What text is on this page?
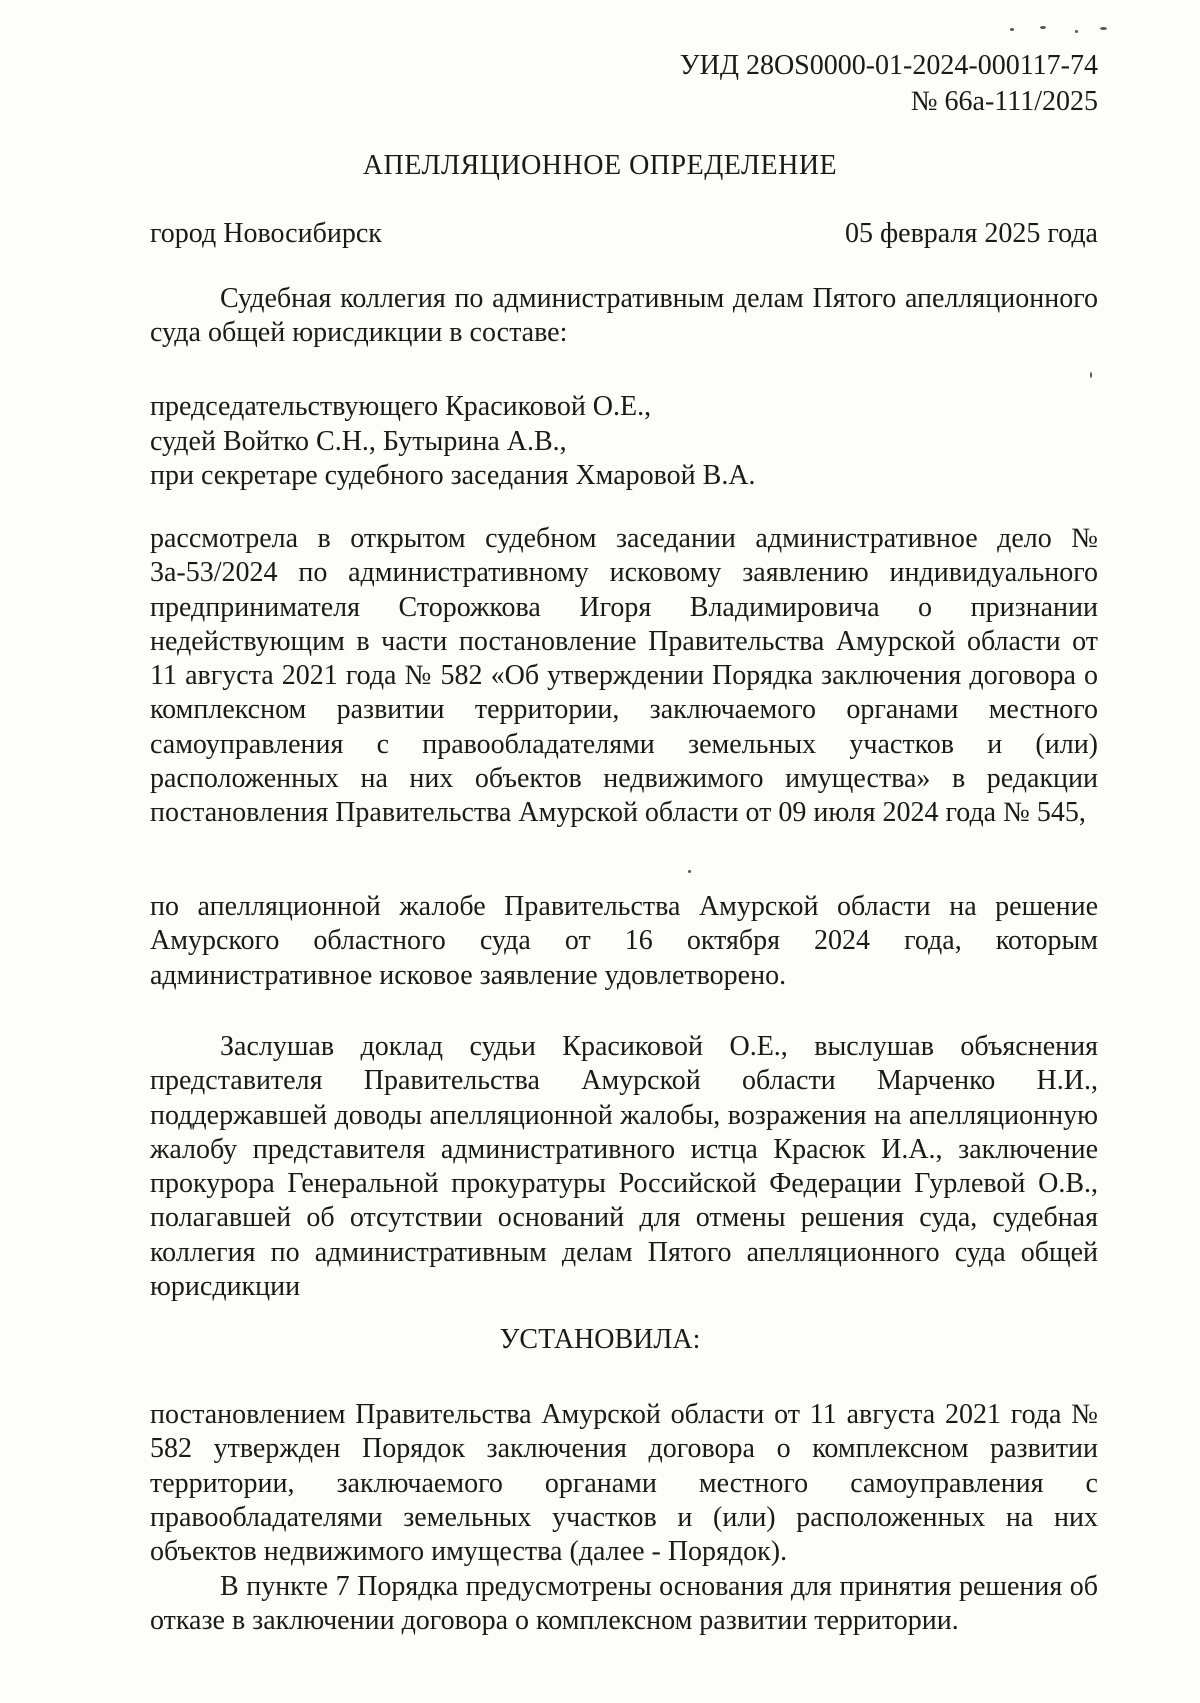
УИД 28OS0000-01-2024-000117-74
№ 66а-111/2025
АПЕЛЛЯЦИОННОЕ ОПРЕДЕЛЕНИЕ
город Новосибирск	05 февраля 2025 года

Судебная коллегия по административным делам Пятого апелляционного суда общей юрисдикции в составе:

председательствующего Красиковой О.Е.,
судей Войтко С.Н., Бутырина А.В.,
при секретаре судебного заседания Хмаровой В.А.

рассмотрела в открытом судебном заседании административное дело № 3а-53/2024 по административному исковому заявлению индивидуального предпринимателя Сторожкова Игоря Владимировича о признании недействующим в части постановление Правительства Амурской области от 11 августа 2021 года № 582 «Об утверждении Порядка заключения договора о комплексном развитии территории, заключаемого органами местного самоуправления с правообладателями земельных участков и (или) расположенных на них объектов недвижимого имущества» в редакции постановления Правительства Амурской области от 09 июля 2024 года № 545,

по апелляционной жалобе Правительства Амурской области на решение Амурского областного суда от 16 октября 2024 года, которым административное исковое заявление удовлетворено.

Заслушав доклад судьи Красиковой О.Е., выслушав объяснения представителя Правительства Амурской области Марченко Н.И., поддержавшей доводы апелляционной жалобы, возражения на апелляционную жалобу представителя административного истца Красюк И.А., заключение прокурора Генеральной прокуратуры Российской Федерации Гурлевой О.В., полагавшей об отсутствии оснований для отмены решения суда, судебная коллегия по административным делам Пятого апелляционного суда общей юрисдикции

УСТАНОВИЛА:

постановлением Правительства Амурской области от 11 августа 2021 года № 582 утвержден Порядок заключения договора о комплексном развитии территории, заключаемого органами местного самоуправления с правообладателями земельных участков и (или) расположенных на них объектов недвижимого имущества (далее - Порядок).

В пункте 7 Порядка предусмотрены основания для принятия решения об отказе в заключении договора о комплексном развитии территории.
